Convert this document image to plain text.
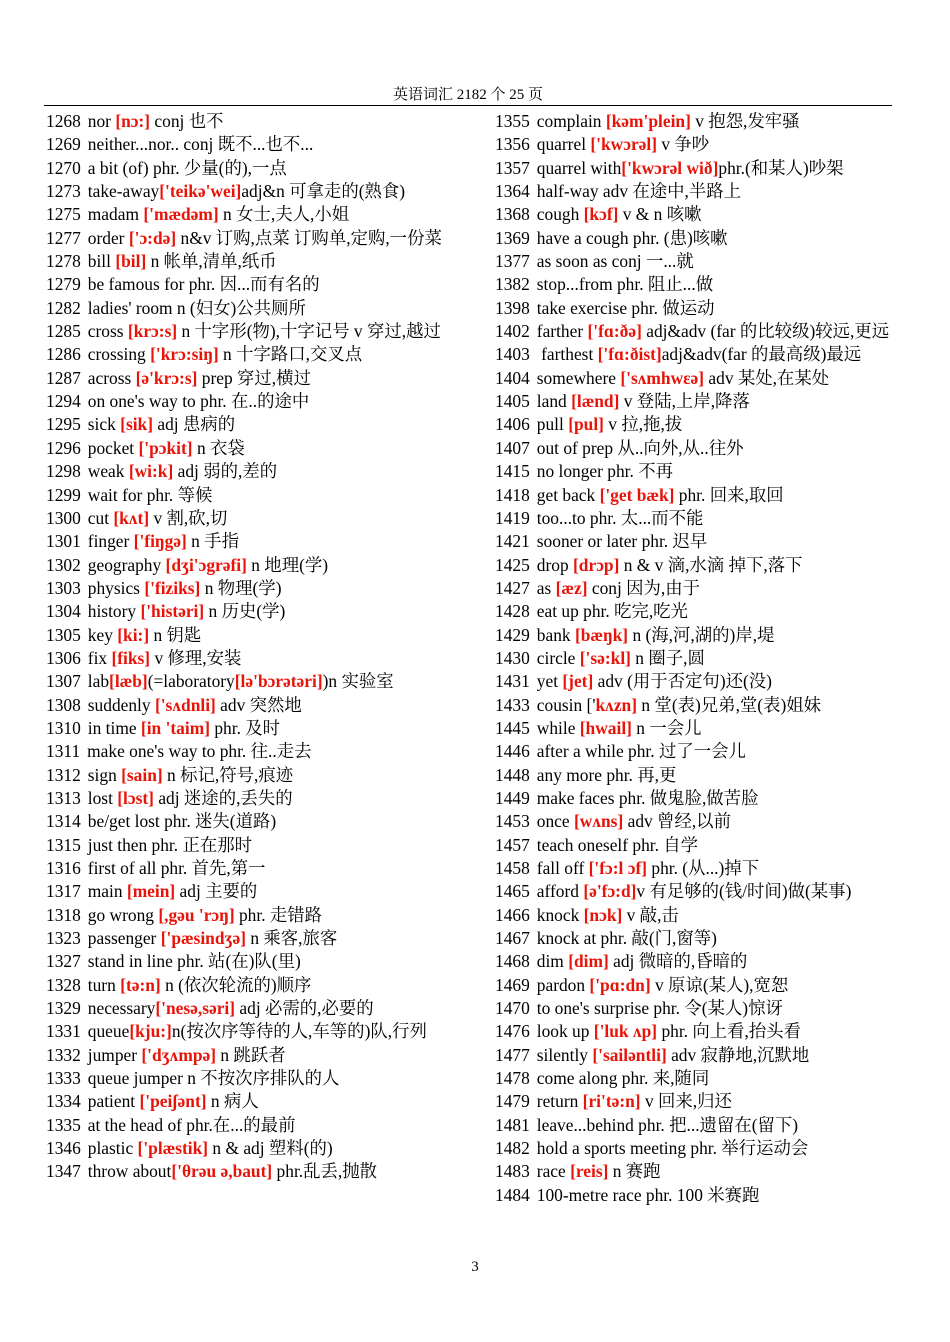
英语词汇 2182 个 25 页
1268 nor [nɔ:] conj 也不
1269 neither...nor.. conj 既不...也不...
1270 a bit (of) phr. 少量(的),一点
1273 take-away['teikə'wei]adj&n 可拿走的(熟食)
1275 madam ['mædəm] n 女士,夫人,小姐
1277 order ['ɔ:də] n&v 订购,点菜 订购单,定购,一份菜
1278 bill [bil] n 帐单,清单,纸币
1279 be famous for phr. 因...而有名的
1282 ladies' room n (妇女)公共厕所
1285 cross [krɔ:s] n 十字形(物),十字记号 v 穿过,越过
1286 crossing ['krɔ:siŋ] n 十字路口,交叉点
1287 across [ə'krɔ:s] prep 穿过,横过
1294 on one's way to phr. 在..的途中
1295 sick [sik] adj 患病的
1296 pocket ['pɔkit] n 衣袋
1298 weak [wi:k] adj 弱的,差的
1299 wait for phr. 等候
1300 cut [kʌt] v 割,砍,切
1301 finger ['fiŋgə] n 手指
1302 geography [dʒi'ɔgrəfi] n 地理(学)
1303 physics ['fiziks] n 物理(学)
1304 history ['histəri] n 历史(学)
1305 key [ki:] n 钥匙
1306 fix [fiks] v 修理,安装
1307 lab[læb](=laboratory[lə'bɔrətəri])n 实验室
1308 suddenly ['sʌdnli] adv 突然地
1310 in time [in 'taim] phr. 及时
1311 make one's way to phr. 往..走去
1312 sign [sain] n 标记,符号,痕迹
1313 lost [lɔst] adj 迷途的,丢失的
1314 be/get lost phr. 迷失(道路)
1315 just then phr. 正在那时
1316 first of all phr. 首先,第一
1317 main [mein] adj 主要的
1318 go wrong [,gəu 'rɔŋ] phr. 走错路
1323 passenger ['pæsindʒə] n 乘客,旅客
1327 stand in line phr. 站(在)队(里)
1328 turn [tə:n] n (依次轮流的)顺序
1329 necessary['nesə,səri] adj 必需的,必要的
1331 queue[kju:]n(按次序等待的人,车等的)队,行列
1332 jumper ['dʒʌmpə] n 跳跃者
1333 queue jumper n 不按次序排队的人
1334 patient ['peiʃənt] n 病人
1335 at the head of phr.在...的最前
1346 plastic ['plæstik] n & adj 塑料(的)
1347 throw about['θrəu ə,baut] phr.乱丢,抛散
1355 complain [kəm'plein] v 抱怨,发牢骚
1356 quarrel ['kwɔrəl] v 争吵
1357 quarrel with['kwɔrəl wið]phr.(和某人)吵架
1364 half-way adv 在途中,半路上
1368 cough [kɔf] v & n 咳嗽
1369 have a cough phr. (患)咳嗽
1377 as soon as conj 一...就
1382 stop...from phr. 阻止...做
1398 take exercise phr. 做运动
1402 farther ['fɑ:ðə] adj&adv (far 的比较级)较远,更远
1403 farthest ['fɑ:ðist]adj&adv(far 的最高级)最远
1404 somewhere ['sʌmhwεə] adv 某处,在某处
1405 land [lænd] v 登陆,上岸,降落
1406 pull [pul] v 拉,拖,拔
1407 out of prep 从..向外,从..往外
1415 no longer phr. 不再
1418 get back ['get bæk] phr. 回来,取回
1419 too...to phr. 太...而不能
1421 sooner or later phr. 迟早
1425 drop [drɔp] n & v 滴,水滴 掉下,落下
1427 as [æz] conj 因为,由于
1428 eat up phr. 吃完,吃光
1429 bank [bæŋk] n (海,河,湖的)岸,堤
1430 circle ['sə:kl] n 圈子,圆
1431 yet [jet] adv (用于否定句)还(没)
1433 cousin ['kʌzn] n 堂(表)兄弟,堂(表)姐妹
1445 while [hwail] n 一会儿
1446 after a while phr. 过了一会儿
1448 any more phr. 再,更
1449 make faces phr. 做鬼脸,做苦脸
1453 once [wʌns] adv 曾经,以前
1457 teach oneself phr. 自学
1458 fall off ['fɔ:l ɔf] phr. (从...)掉下
1465 afford [ə'fɔ:d]v 有足够的(钱/时间)做(某事)
1466 knock [nɔk] v 敲,击
1467 knock at phr. 敲(门,窗等)
1468 dim [dim] adj 微暗的,昏暗的
1469 pardon ['pɑ:dn] v 原谅(某人),宽恕
1470 to one's surprise phr. 令(某人)惊讶
1476 look up ['luk ʌp] phr. 向上看,抬头看
1477 silently ['sailəntli] adv 寂静地,沉默地
1478 come along phr. 来,随同
1479 return [ri'tə:n] v 回来,归还
1481 leave...behind phr. 把...遗留在(留下)
1482 hold a sports meeting phr. 举行运动会
1483 race [reis] n 赛跑
1484 100-metre race phr. 100 米赛跑
3
